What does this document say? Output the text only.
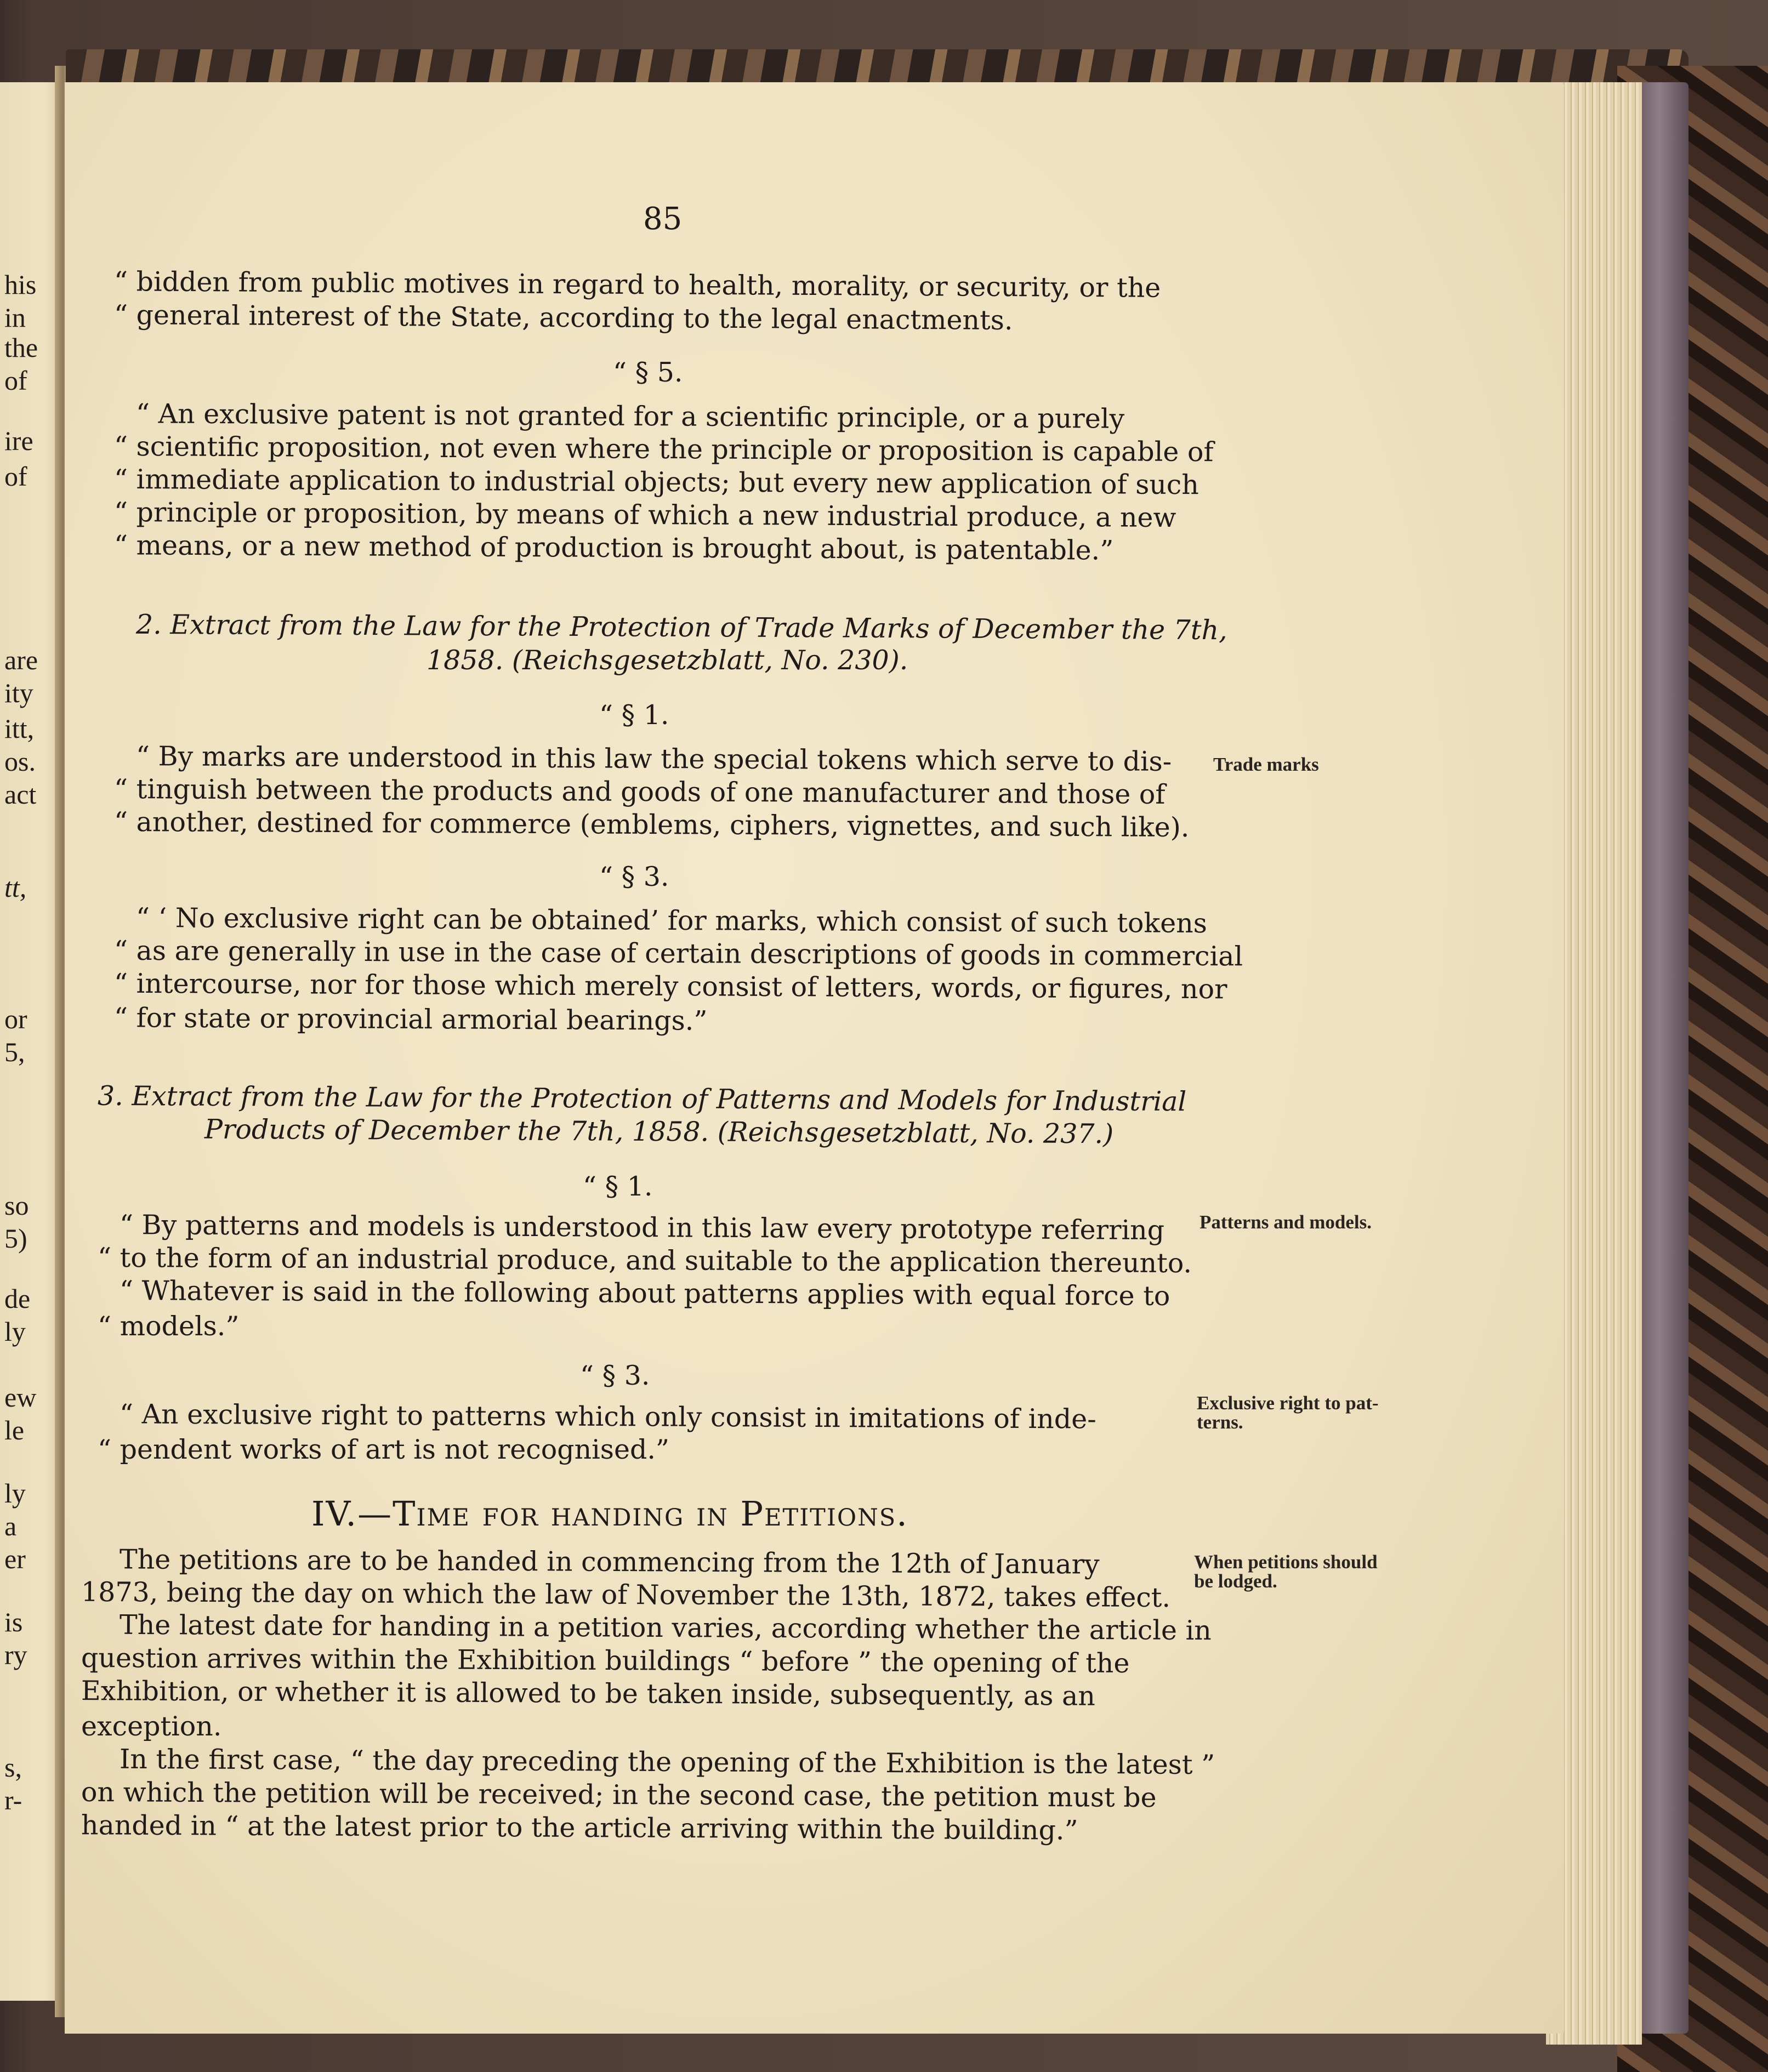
his
in
the
of
ire
of
are
ity
itt,
os.
act
tt,
or
5,
so
5)
de
ly
ew
le
ly
a
er
is
ry
s,
r-

85

“ bidden from public motives in regard to health, morality, or security, or the

“ general interest of the State, according to the legal enactments.

“ § 5.

“ An exclusive patent is not granted for a scientific principle, or a purely

“ scientific proposition, not even where the principle or proposition is capable of

“ immediate application to industrial objects; but every new application of such

“ principle or proposition, by means of which a new industrial produce, a new

“ means, or a new method of production is brought about, is patentable.”

2. Extract from the Law for the Protection of Trade Marks of December the 7th,

1858. (Reichsgesetzblatt, No. 230).

“ § 1.

“ By marks are understood in this law the special tokens which serve to dis-

“ tinguish between the products and goods of one manufacturer and those of

“ another, destined for commerce (emblems, ciphers, vignettes, and such like).

“ § 3.

“ ‘ No exclusive right can be obtained’ for marks, which consist of such tokens

“ as are generally in use in the case of certain descriptions of goods in commercial

“ intercourse, nor for those which merely consist of letters, words, or figures, nor

“ for state or provincial armorial bearings.”

3. Extract from the Law for the Protection of Patterns and Models for Industrial

Products of December the 7th, 1858. (Reichsgesetzblatt, No. 237.)

“ § 1.

“ By patterns and models is understood in this law every prototype referring

“ to the form of an industrial produce, and suitable to the application thereunto.

“ Whatever is said in the following about patterns applies with equal force to

“ models.”

“ § 3.

“ An exclusive right to patterns which only consist in imitations of inde-

“ pendent works of art is not recognised.”

IV.—Time for handing in Petitions.

The petitions are to be handed in commencing from the 12th of January

1873, being the day on which the law of November the 13th, 1872, takes effect.

The latest date for handing in a petition varies, according whether the article in

question arrives within the Exhibition buildings “ before ” the opening of the

Exhibition, or whether it is allowed to be taken inside, subsequently, as an

exception.

In the first case, “ the day preceding the opening of the Exhibition is the latest ”

on which the petition will be received; in the second case, the petition must be

handed in “ at the latest prior to the article arriving within the building.”

Trade marks

Patterns and models.

Exclusive right to pat-

terns.

When petitions should

be lodged.
